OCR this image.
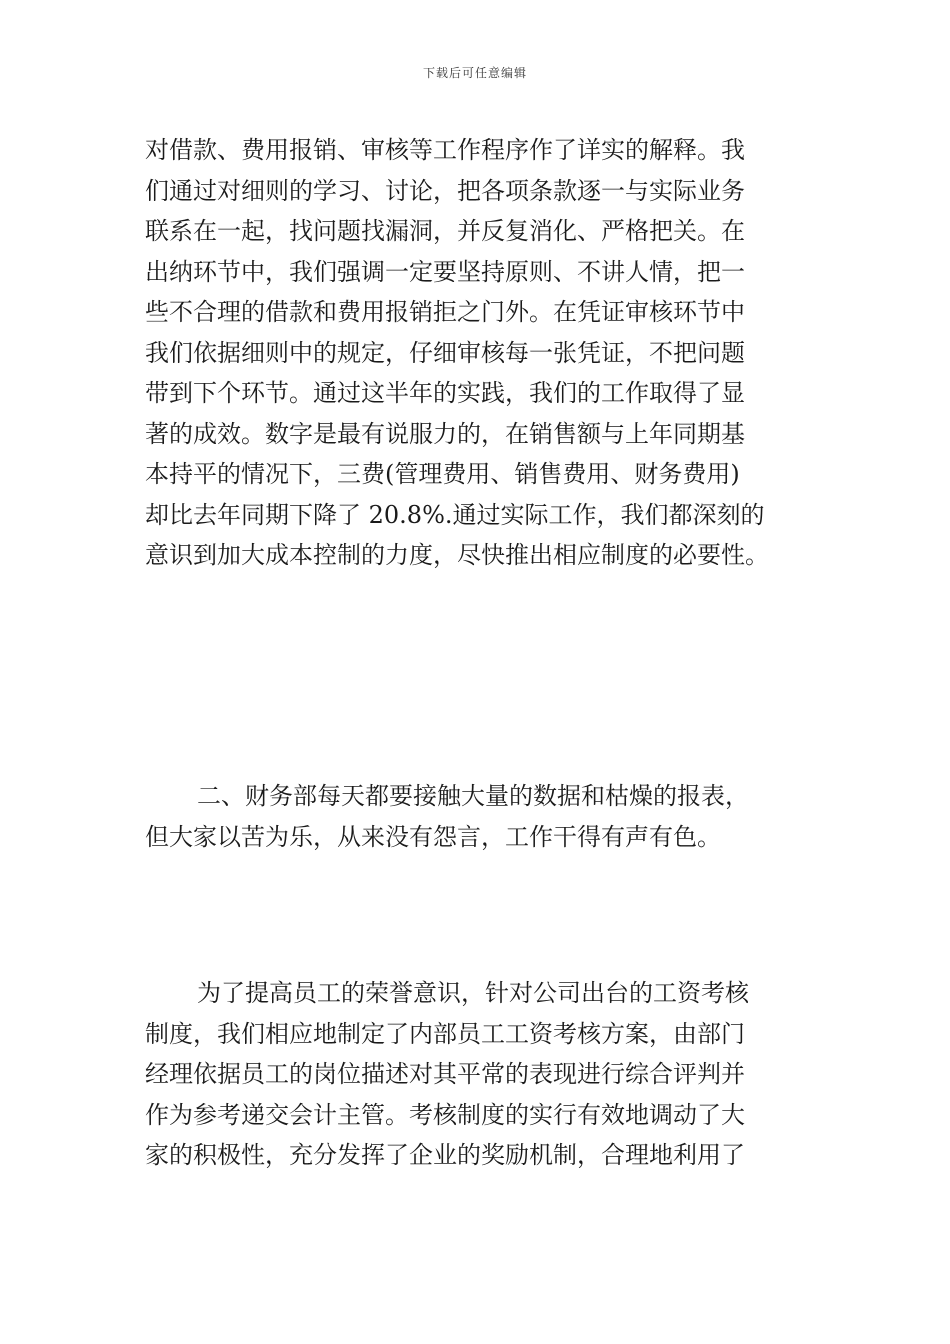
下载后可任意编辑
对借款、费用报销、审核等工作程序作了详实的解释。我
们通过对细则的学习、讨论，把各项条款逐一与实际业务
联系在一起，找问题找漏洞，并反复消化、严格把关。在
出纳环节中，我们强调一定要坚持原则、不讲人情，把一
些不合理的借款和费用报销拒之门外。在凭证审核环节中
我们依据细则中的规定，仔细审核每一张凭证，不把问题
带到下个环节。通过这半年的实践，我们的工作取得了显
著的成效。数字是最有说服力的，在销售额与上年同期基
本持平的情况下，三费(管理费用、销售费用、财务费用)
却比去年同期下降了 20.8%.通过实际工作，我们都深刻的
意识到加大成本控制的力度，尽快推出相应制度的必要性。
二、财务部每天都要接触大量的数据和枯燥的报表，
但大家以苦为乐，从来没有怨言，工作干得有声有色。
为了提高员工的荣誉意识，针对公司出台的工资考核
制度，我们相应地制定了内部员工工资考核方案，由部门
经理依据员工的岗位描述对其平常的表现进行综合评判并
作为参考递交会计主管。考核制度的实行有效地调动了大
家的积极性，充分发挥了企业的奖励机制，合理地利用了
